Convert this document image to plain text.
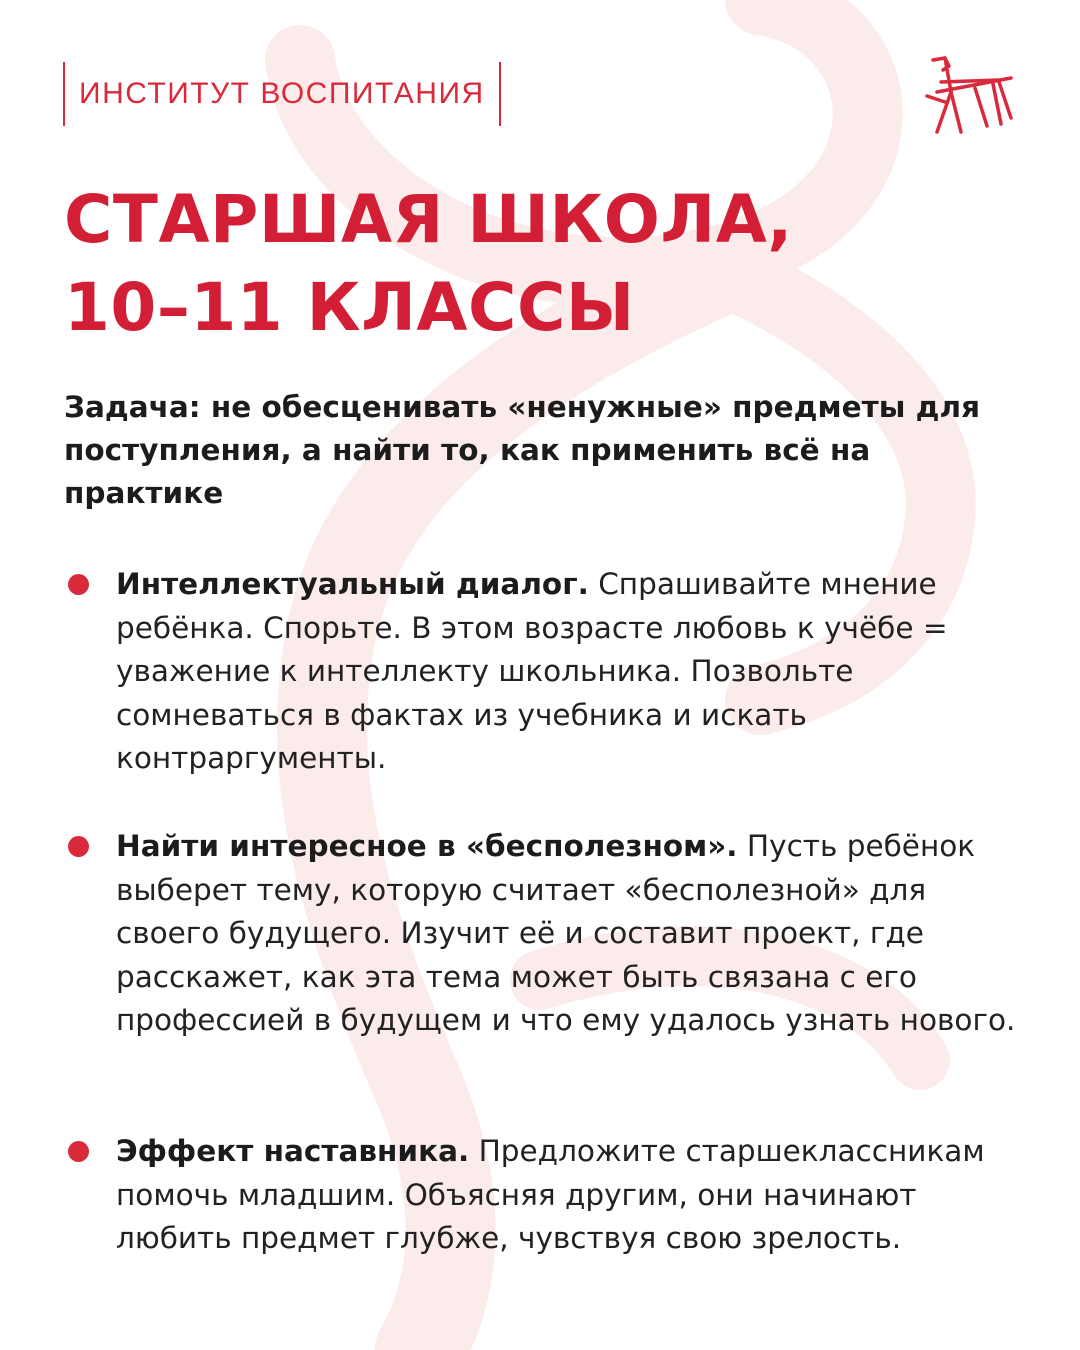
ИНСТИТУТ ВОСПИТАНИЯ
СТАРШАЯ ШКОЛА,
10–11 КЛАССЫ
Задача: не обесценивать «ненужные» предметы для поступления, а найти то, как применить всё на практике
Интеллектуальный диалог. Спрашивайте мнение ребёнка. Спорьте. В этом возрасте любовь к учёбе = уважение к интеллекту школьника. Позвольте сомневаться в фактах из учебника и искать контраргументы.
Найти интересное в «бесполезном». Пусть ребёнок выберет тему, которую считает «бесполезной» для своего будущего. Изучит её и составит проект, где расскажет, как эта тема может быть связана с его профессией в будущем и что ему удалось узнать нового.
Эффект наставника. Предложите старшеклассникам помочь младшим. Объясняя другим, они начинают любить предмет глубже, чувствуя свою зрелость.
